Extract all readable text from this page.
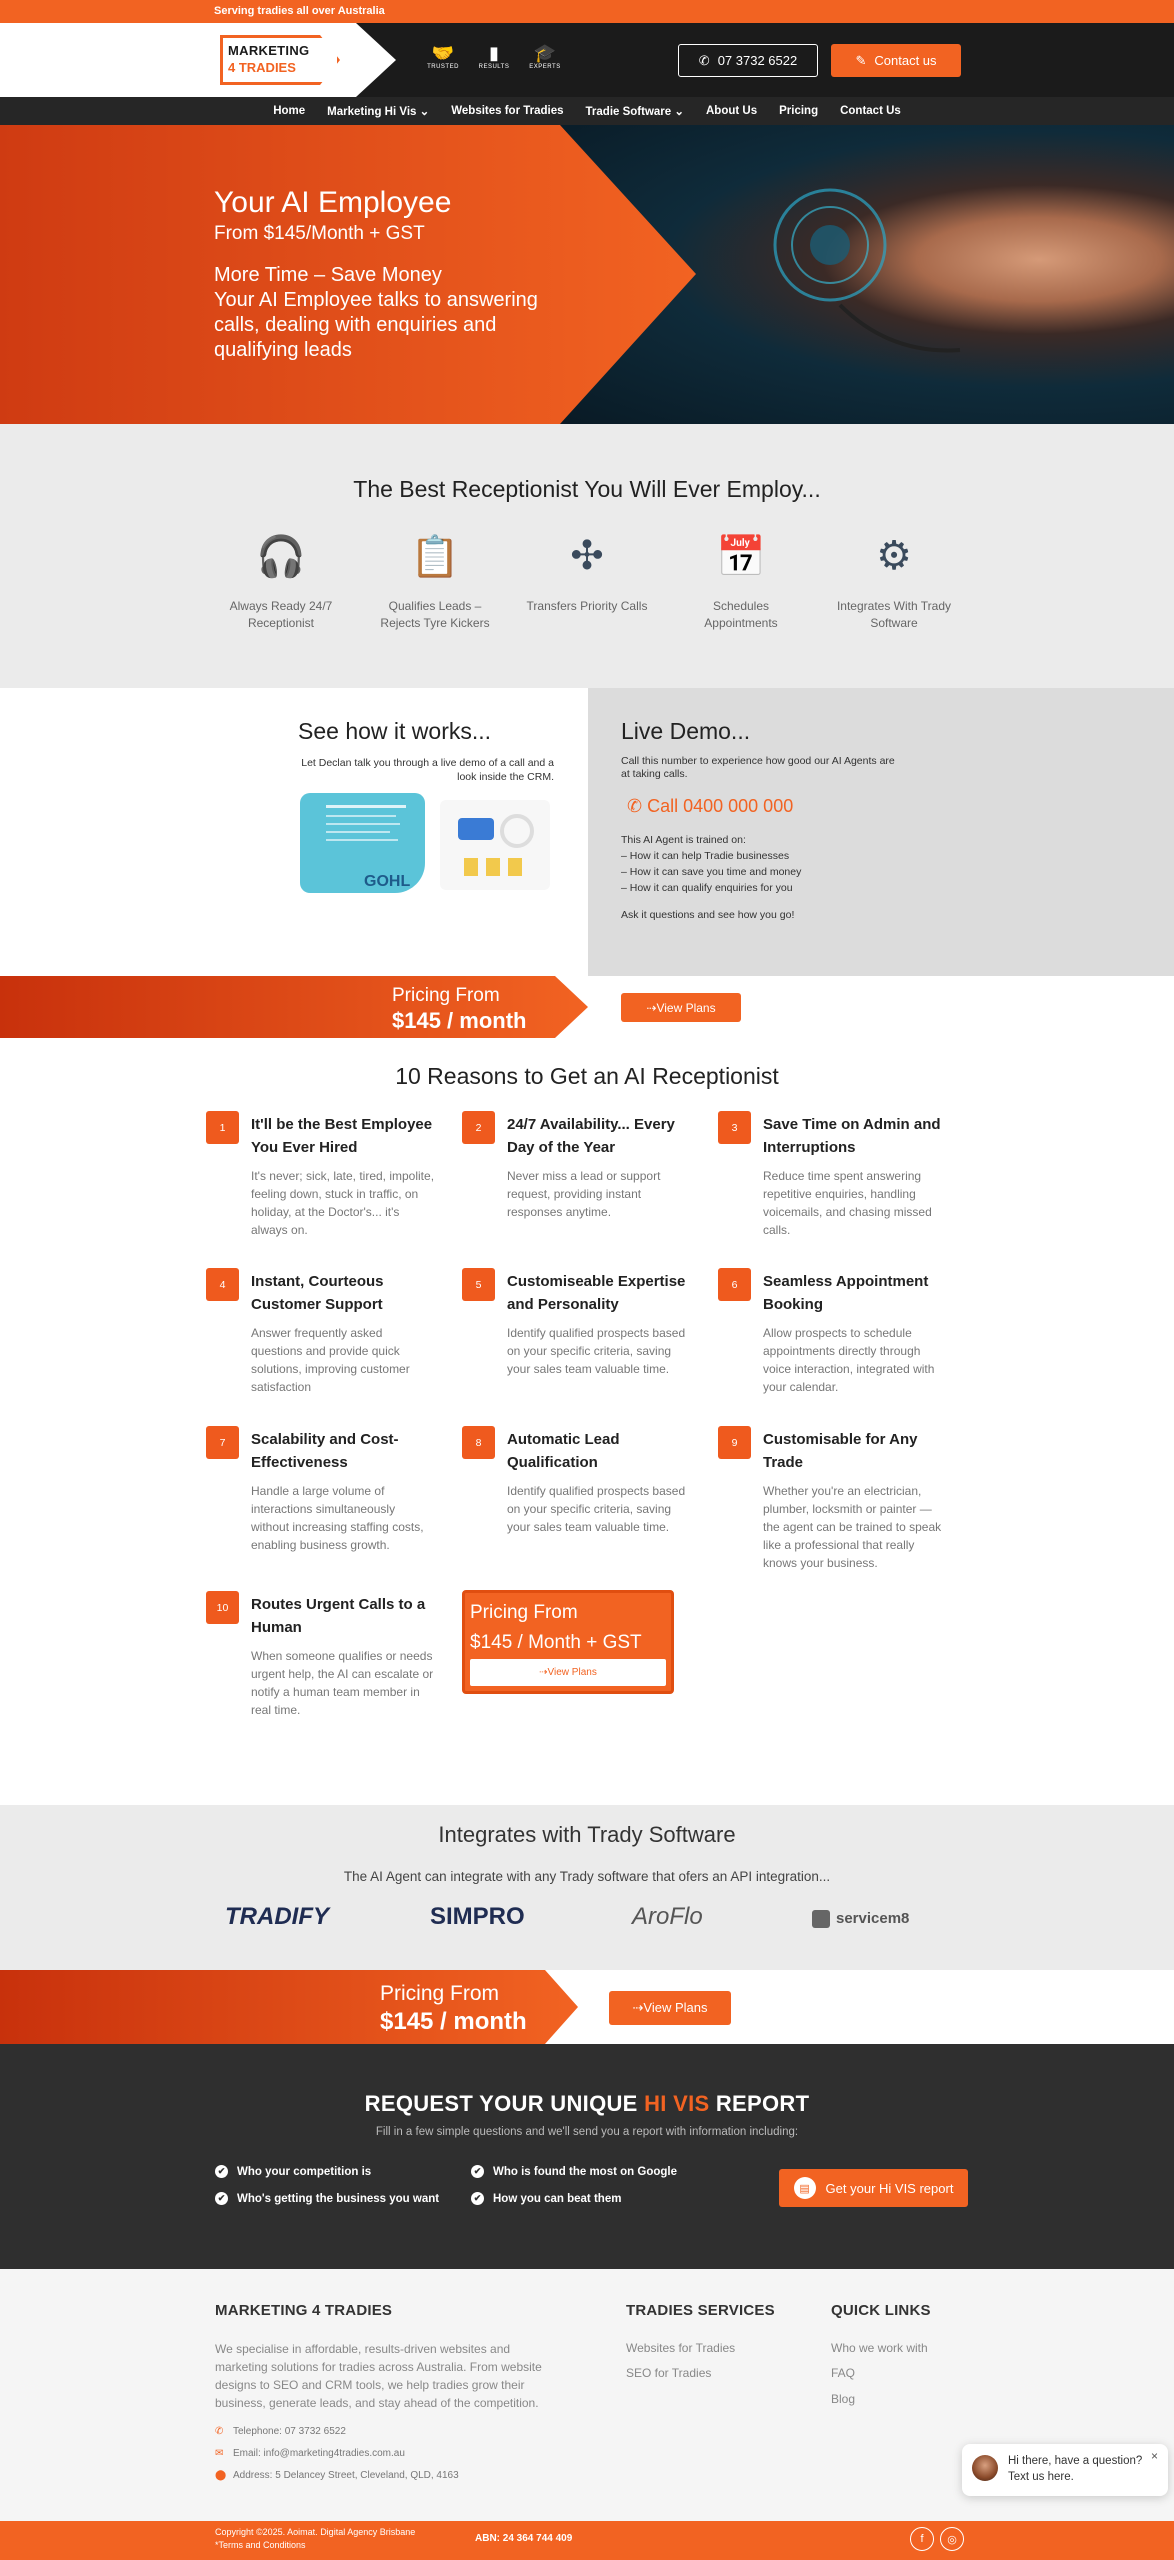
Serving tradies all over Australia
MARKETING
4 TRADIES
🤝
TRUSTED
▮
RESULTS
🎓
EXPERTS	✆ 07 3732 6522	✎ Contact us
Home Marketing Hi Vis ⌄ Websites for Tradies Tradie Software ⌄ About Us Pricing Contact Us
Your AI Employee
From $145/Month + GST
More Time – Save Money
Your AI Employee talks to answering calls, dealing with enquiries and qualifying leads
The Best Receptionist You Will Ever Employ...
🎧
Always Ready 24/7 Receptionist
📋
Qualifies Leads – Rejects Tyre Kickers
✣
Transfers Priority Calls
📅
Schedules Appointments
⚙
Integrates With Trady Software
See how it works...
Let Declan talk you through a live demo of a call and a look inside the CRM.
GOHL
Live Demo...
Call this number to experience how good our AI Agents are at taking calls.
✆ Call 0400 000 000
This AI Agent is trained on:
– How it can help Tradie businesses
– How it can save you time and money
– How it can qualify enquiries for you
Ask it questions and see how you go!
Pricing From
$145 / month
⇢View Plans
10 Reasons to Get an AI Receptionist
1	It'll be the Best Employee You Ever Hired
It's never; sick, late, tired, impolite, feeling down, stuck in traffic, on holiday, at the Doctor's... it's always on.
2	24/7 Availability... Every Day of the Year
Never miss a lead or support request, providing instant responses anytime.
3	Save Time on Admin and Interruptions
Reduce time spent answering repetitive enquiries, handling voicemails, and chasing missed calls.
4	Instant, Courteous Customer Support
Answer frequently asked questions and provide quick solutions, improving customer satisfaction
5	Customiseable Expertise and Personality
Identify qualified prospects based on your specific criteria, saving your sales team valuable time.
6	Seamless Appointment Booking
Allow prospects to schedule appointments directly through voice interaction, integrated with your calendar.
7	Scalability and Cost-Effectiveness
Handle a large volume of interactions simultaneously without increasing staffing costs, enabling business growth.
8	Automatic Lead Qualification
Identify qualified prospects based on your specific criteria, saving your sales team valuable time.
9	Customisable for Any Trade
Whether you're an electrician, plumber, locksmith or painter — the agent can be trained to speak like a professional that really knows your business.
10	Routes Urgent Calls to a Human
When someone qualifies or needs urgent help, the AI can escalate or notify a human team member in real time.
Pricing From
$145 / Month + GST
⇢View Plans
Integrates with Trady Software
The AI Agent can integrate with any Trady software that ofers an API integration...
TRADIFY	SIMPRO	AroFlo	servicem8
Pricing From
$145 / month
⇢View Plans
REQUEST YOUR UNIQUE HI VIS REPORT
Fill in a few simple questions and we'll send you a report with information including:
✔ Who your competition is
✔ Who's getting the business you want
✔ Who is found the most on Google
✔ How you can beat them
▤	Get your Hi VIS report
MARKETING 4 TRADIES
We specialise in affordable, results-driven websites and marketing solutions for tradies across Australia. From website designs to SEO and CRM tools, we help tradies grow their business, generate leads, and stay ahead of the competition.
✆ Telephone: 07 3732 6522
✉ Email: info@marketing4tradies.com.au
⬤ Address: 5 Delancey Street, Cleveland, QLD, 4163
TRADIES SERVICES
Websites for Tradies
SEO for Tradies
QUICK LINKS
Who we work with
FAQ
Blog
Hi there, have a question?
Text us here.
×
Copyright ©2025. Aoimat. Digital Agency Brisbane
*Terms and Conditions
ABN: 24 364 744 409	f	◎
